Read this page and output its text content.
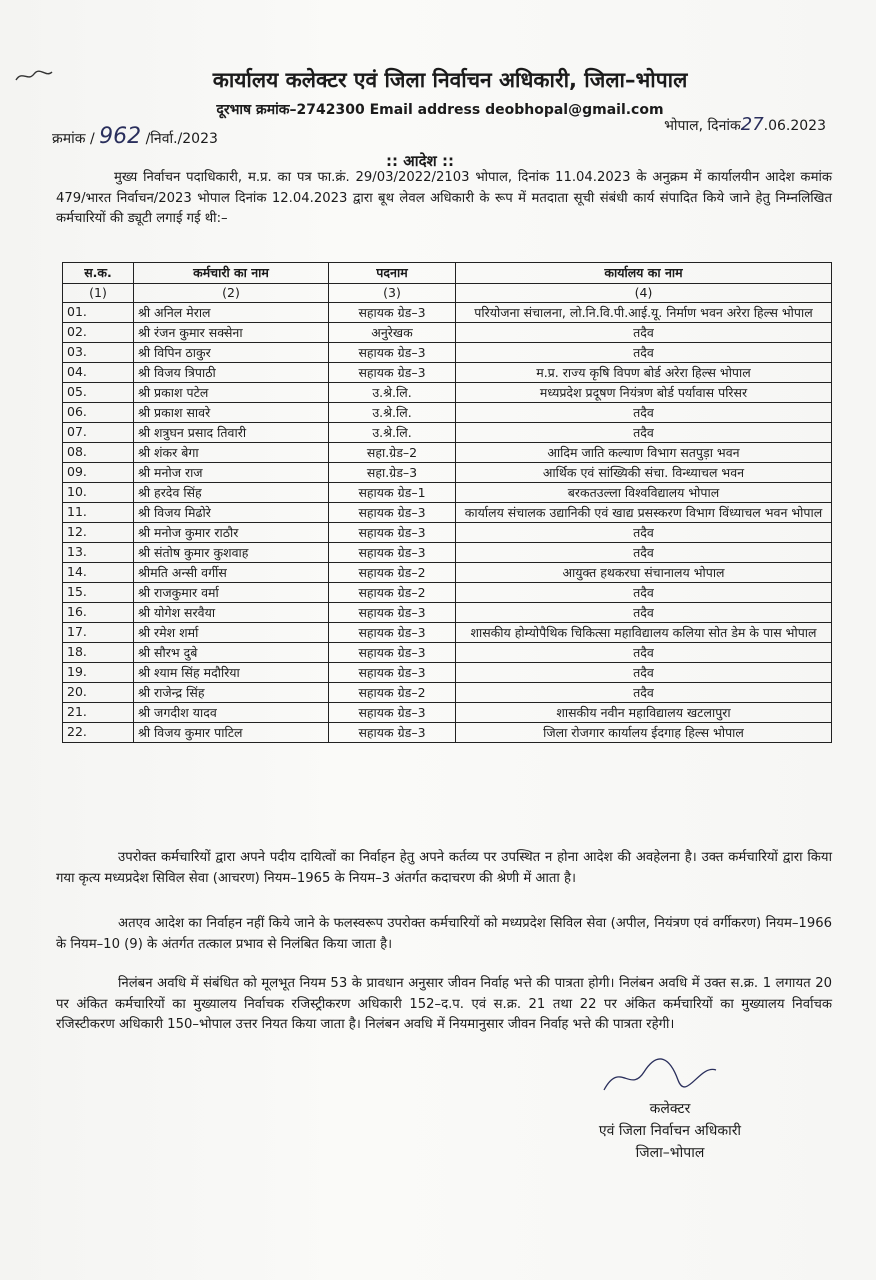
कार्यालय कलेक्टर एवं जिला निर्वाचन अधिकारी, जिला–भोपाल
दूरभाष क्रमांक–2742300 Email address deobhopal@gmail.com
क्रमांक / 962 /निर्वा./2023
भोपाल, दिनांक27.06.2023
:: आदेश ::
मुख्य निर्वाचन पदाधिकारी, म.प्र. का पत्र फा.क्रं. 29/03/2022/2103 भोपाल, दिनांक 11.04.2023 के अनुक्रम में कार्यालयीन आदेश कमांक 479/भारत निर्वाचन/2023 भोपाल दिनांक 12.04.2023 द्वारा बूथ लेवल अधिकारी के रूप में मतदाता सूची संबंधी कार्य संपादित किये जाने हेतु निम्नलिखित कर्मचारियों की ड्यूटी लगाई गई थी:–
स.क.	कर्मचारी का नाम	पदनाम	कार्यालय का नाम
(1)	(2)	(3)	(4)
01.	श्री अनिल मेराल	सहायक ग्रेड–3	परियोजना संचालना, लो.नि.वि.पी.आई.यू. निर्माण भवन अरेरा हिल्स भोपाल
02.	श्री रंजन कुमार सक्सेना	अनुरेखक	तदैव
03.	श्री विपिन ठाकुर	सहायक ग्रेड–3	तदैव
04.	श्री विजय त्रिपाठी	सहायक ग्रेड–3	म.प्र. राज्य कृषि विपण बोर्ड अरेरा हिल्स भोपाल
05.	श्री प्रकाश पटेल	उ.श्रे.लि.	मध्यप्रदेश प्रदूषण नियंत्रण बोर्ड पर्यावास परिसर
06.	श्री प्रकाश सावरे	उ.श्रे.लि.	तदैव
07.	श्री शत्रुघन प्रसाद तिवारी	उ.श्रे.लि.	तदैव
08.	श्री शंकर बेगा	सहा.ग्रेड–2	आदिम जाति कल्याण विभाग सतपुड़ा भवन
09.	श्री मनोज राज	सहा.ग्रेड–3	आर्थिक एवं सांख्यिकी संचा. विन्ध्याचल भवन
10.	श्री हरदेव सिंह	सहायक ग्रेड–1	बरकतउल्ला विश्वविद्यालय भोपाल
11.	श्री विजय मिढोरे	सहायक ग्रेड–3	कार्यालय संचालक उद्यानिकी एवं खाद्य प्रसस्करण विभाग विंध्याचल भवन भोपाल
12.	श्री मनोज कुमार राठौर	सहायक ग्रेड–3	तदैव
13.	श्री संतोष कुमार कुशवाह	सहायक ग्रेड–3	तदैव
14.	श्रीमति अन्सी वर्गीस	सहायक ग्रेड–2	आयुक्त हथकरघा संचानालय भोपाल
15.	श्री राजकुमार वर्मा	सहायक ग्रेड–2	तदैव
16.	श्री योगेश सरवैया	सहायक ग्रेड–3	तदैव
17.	श्री रमेश शर्मा	सहायक ग्रेड–3	शासकीय होम्योपैथिक चिकित्सा महाविद्यालय कलिया सोत डेम के पास भोपाल
18.	श्री सौरभ दुबे	सहायक ग्रेड–3	तदैव
19.	श्री श्याम सिंह मदौरिया	सहायक ग्रेड–3	तदैव
20.	श्री राजेन्द्र सिंह	सहायक ग्रेड–2	तदैव
21.	श्री जगदीश यादव	सहायक ग्रेड–3	शासकीय नवीन महाविद्यालय खटलापुरा
22.	श्री विजय कुमार पाटिल	सहायक ग्रेड–3	जिला रोजगार कार्यालय ईदगाह हिल्स भोपाल
उपरोक्त कर्मचारियों द्वारा अपने पदीय दायित्वों का निर्वाहन हेतु अपने कर्तव्य पर उपस्थित न होना आदेश की अवहेलना है। उक्त कर्मचारियों द्वारा किया गया कृत्य मध्यप्रदेश सिविल सेवा (आचरण) नियम–1965 के नियम–3 अंतर्गत कदाचरण की श्रेणी में आता है।
अतएव आदेश का निर्वाहन नहीं किये जाने के फलस्वरूप उपरोक्त कर्मचारियों को मध्यप्रदेश सिविल सेवा (अपील, नियंत्रण एवं वर्गीकरण) नियम–1966 के नियम–10 (9) के अंतर्गत तत्काल प्रभाव से निलंबित किया जाता है।
निलंबन अवधि में संबंधित को मूलभूत नियम 53 के प्रावधान अनुसार जीवन निर्वाह भत्ते की पात्रता होगी। निलंबन अवधि में उक्त स.क्र. 1 लगायत 20 पर अंकित कर्मचारियों का मुख्यालय निर्वाचक रजिस्ट्रीकरण अधिकारी 152–द.प. एवं स.क्र. 21 तथा 22 पर अंकित कर्मचारियों का मुख्यालय निर्वाचक रजिस्टीकरण अधिकारी 150–भोपाल उत्तर नियत किया जाता है। निलंबन अवधि में नियमानुसार जीवन निर्वाह भत्ते की पात्रता रहेगी।
कलेक्टर
एवं जिला निर्वाचन अधिकारी
जिला–भोपाल
